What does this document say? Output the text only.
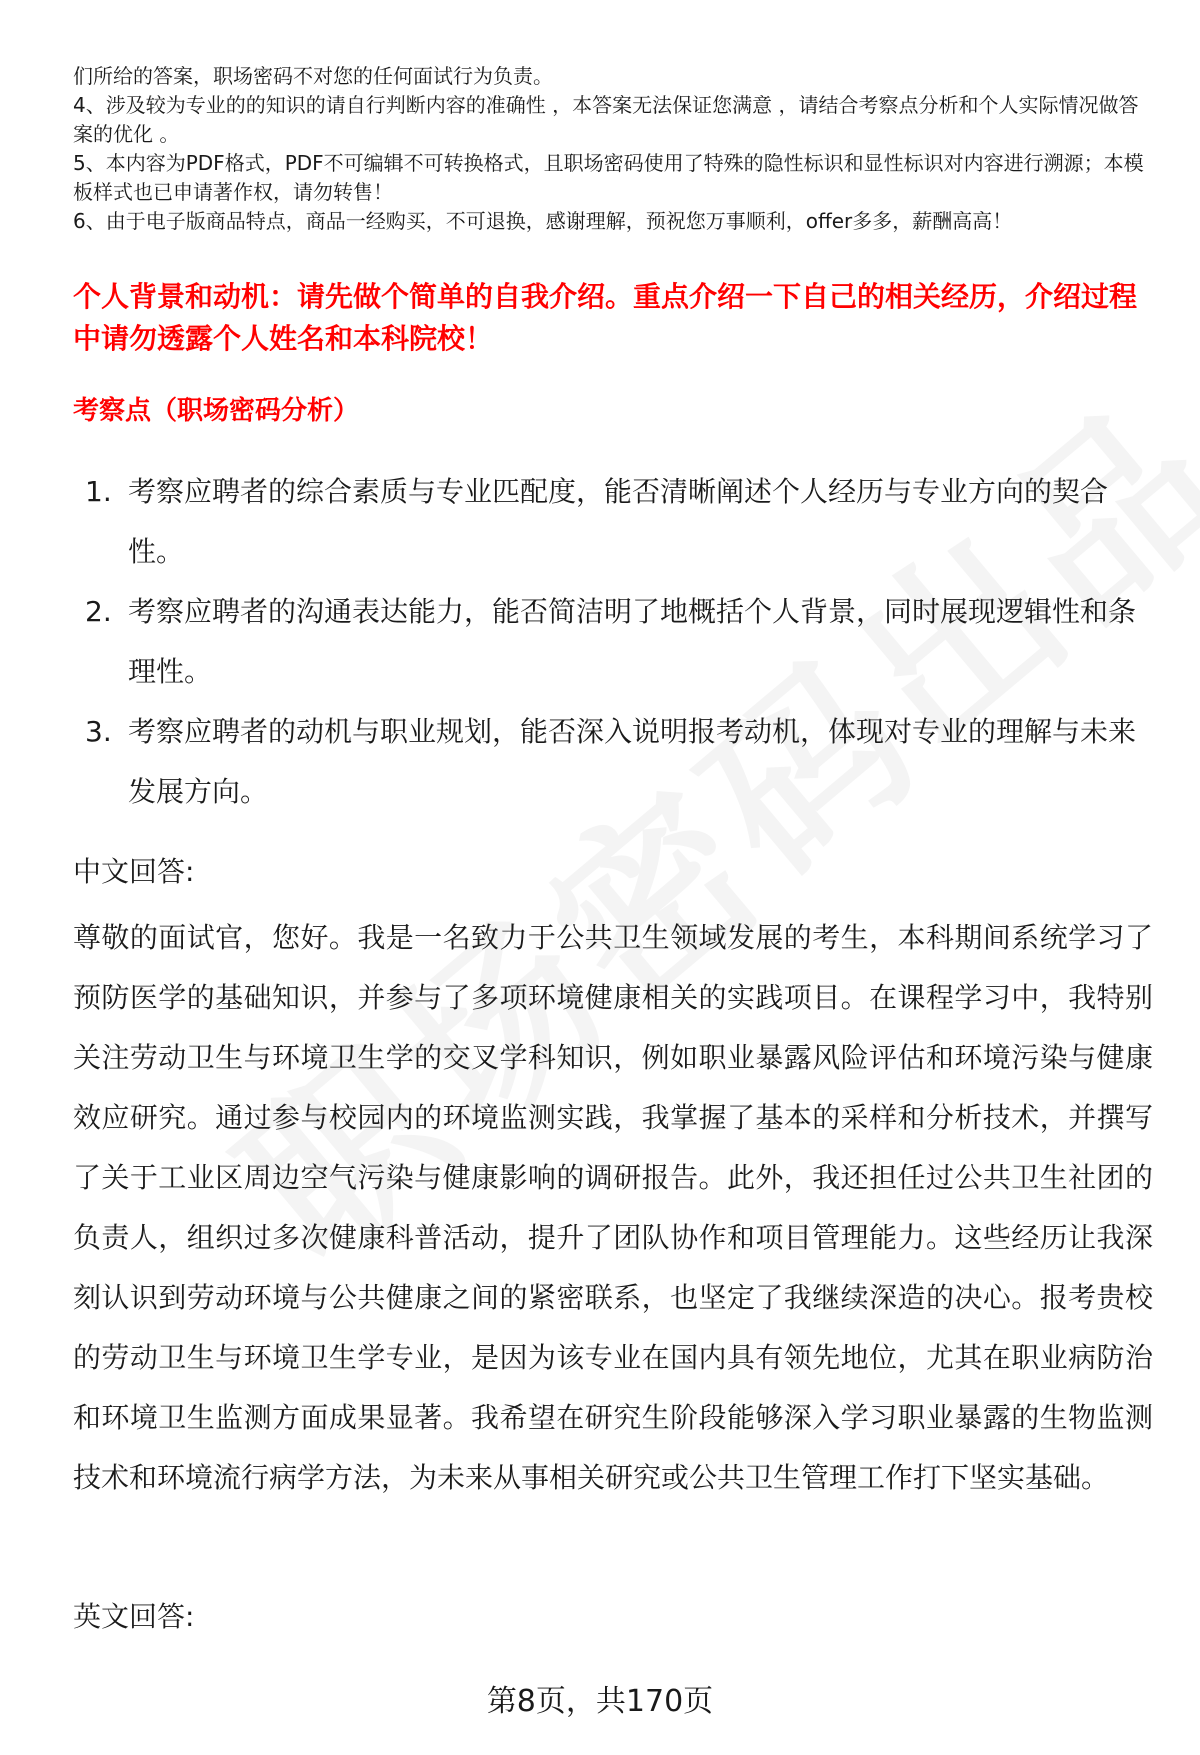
们所给的答案，职场密码不对您的任何面试行为负责。

4、涉及较为专业的的知识的请自行判断内容的准确性 ，本答案无法保证您满意 ，请结合考察点分析和个人实际情况做答案的优化 。

5、本内容为PDF格式，PDF不可编辑不可转换格式，且职场密码使用了特殊的隐性标识和显性标识对内容进行溯源；本模板样式也已申请著作权，请勿转售！

6、由于电子版商品特点，商品一经购买，不可退换，感谢理解，预祝您万事顺利，offer多多，薪酬高高！

个人背景和动机：请先做个简单的自我介绍。重点介绍一下自己的相关经历，介绍过程中请勿透露个人姓名和本科院校！

考察点（职场密码分析）

1. 考察应聘者的综合素质与专业匹配度，能否清晰阐述个人经历与专业方向的契合性。
2. 考察应聘者的沟通表达能力，能否简洁明了地概括个人背景，同时展现逻辑性和条理性。
3. 考察应聘者的动机与职业规划，能否深入说明报考动机，体现对专业的理解与未来发展方向。

中文回答:

尊敬的面试官，您好。我是一名致力于公共卫生领域发展的考生，本科期间系统学习了预防医学的基础知识，并参与了多项环境健康相关的实践项目。在课程学习中，我特别关注劳动卫生与环境卫生学的交叉学科知识，例如职业暴露风险评估和环境污染与健康效应研究。通过参与校园内的环境监测实践，我掌握了基本的采样和分析技术，并撰写了关于工业区周边空气污染与健康影响的调研报告。此外，我还担任过公共卫生社团的负责人，组织过多次健康科普活动，提升了团队协作和项目管理能力。这些经历让我深刻认识到劳动环境与公共健康之间的紧密联系，也坚定了我继续深造的决心。报考贵校的劳动卫生与环境卫生学专业，是因为该专业在国内具有领先地位，尤其在职业病防治和环境卫生监测方面成果显著。我希望在研究生阶段能够深入学习职业暴露的生物监测技术和环境流行病学方法，为未来从事相关研究或公共卫生管理工作打下坚实基础。

英文回答:

第8页，共170页
